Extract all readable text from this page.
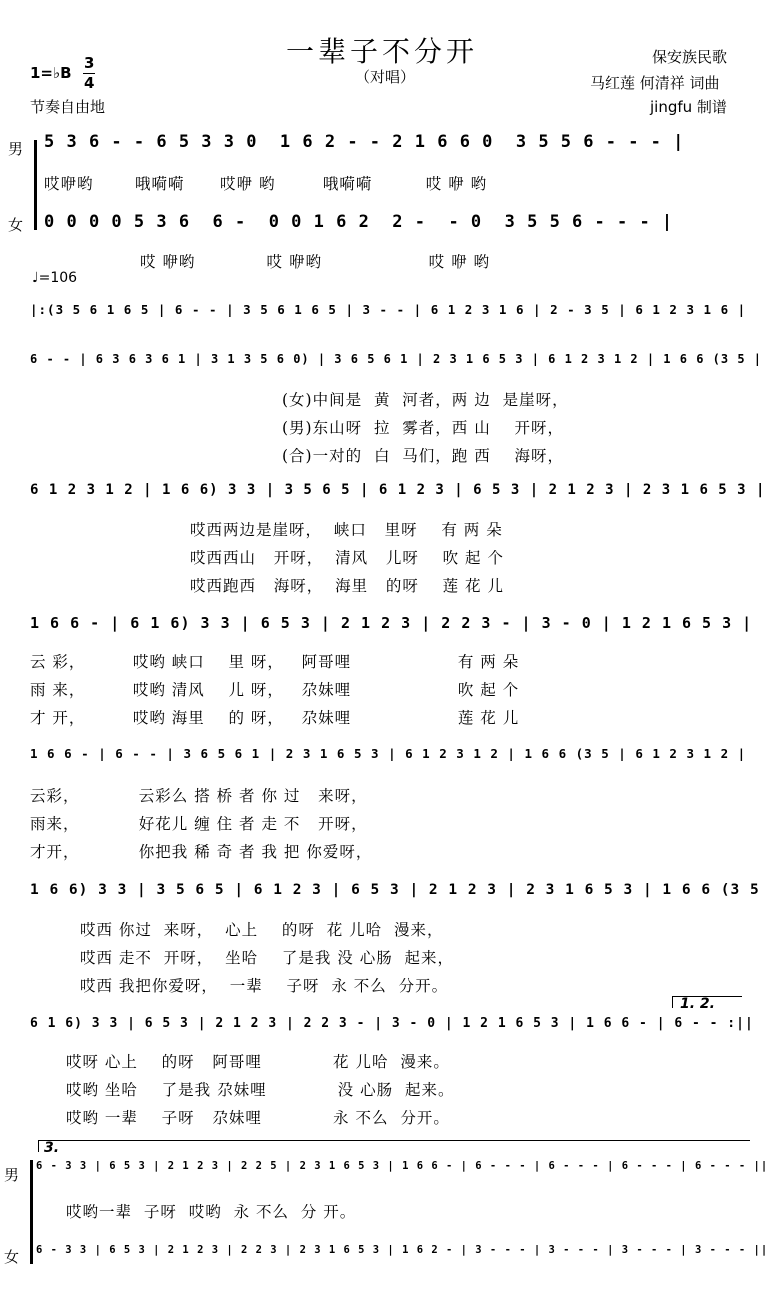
一辈子不分开
（对唱）
1=♭B
3
4
节奏自由地
保安族民歌
马红莲 何清祥 词曲
jingfu 制谱
男
女
5 3 6 - - 6 5 3 3 0  1 6 2 - - 2 1 6 6 0  3 5 5 6 - - - |
哎咿哟       哦嗬嗬      哎咿 哟        哦嗬嗬         哎 咿 哟
0 0 0 0 5 3 6  6 -  0 0 1 6 2  2 -  - 0  3 5 5 6 - - - |
哎 咿哟            哎 咿哟                  哎 咿 哟
♩=106
|:(3 5 6 1 6 5 | 6 - - | 3 5 6 1 6 5 | 3 - - | 6 1 2 3 1 6 | 2 - 3 5 | 6 1 2 3 1 6 |
6 - - | 6 3 6 3 6 1 | 3 1 3 5 6 0) | 3 6 5 6 1 | 2 3 1 6 5 3 | 6 1 2 3 1 2 | 1 6 6 (3 5 |
(女)中间是  黄  河者，两 边  是崖呀，
(男)东山呀  拉  雾者，西 山    开呀，
(合)一对的  白  马们，跑 西    海呀，
6 1 2 3 1 2 | 1 6 6) 3 3 | 3 5 6 5 | 6 1 2 3 | 6 5 3 | 2 1 2 3 | 2 3 1 6 5 3 |
哎西两边是崖呀，  峡口   里呀    有 两 朵
哎西西山   开呀，  清风   儿呀    吹 起 个
哎西跑西   海呀，  海里   的呀    莲 花 儿
1 6 6 - | 6 1 6) 3 3 | 6 5 3 | 2 1 2 3 | 2 2 3 - | 3 - 0 | 1 2 1 6 5 3 |
云 彩，        哎哟 峡口    里 呀，   阿哥哩                  有 两 朵
雨 来，        哎哟 清风    儿 呀，   尕妹哩                  吹 起 个
才 开，        哎哟 海里    的 呀，   尕妹哩                  莲 花 儿
1 6 6 - | 6 - - | 3 6 5 6 1 | 2 3 1 6 5 3 | 6 1 2 3 1 2 | 1 6 6 (3 5 | 6 1 2 3 1 2 |
云彩，          云彩么 搭 桥 者 你 过   来呀，
雨来，          好花儿 缠 住 者 走 不   开呀，
才开，          你把我 稀 奇 者 我 把 你爱呀，
1 6 6) 3 3 | 3 5 6 5 | 6 1 2 3 | 6 5 3 | 2 1 2 3 | 2 3 1 6 5 3 | 1 6 6 (3 5
哎西 你过  来呀，  心上    的呀  花 儿哈  漫来，
哎西 走不  开呀，  坐哈    了是我 没 心肠  起来，
哎西 我把你爱呀，  一辈    子呀  永 不么  分开。
1. 2.
6 1 6) 3 3 | 6 5 3 | 2 1 2 3 | 2 2 3 - | 3 - 0 | 1 2 1 6 5 3 | 1 6 6 - | 6 - - :||
哎呀 心上    的呀   阿哥哩            花 儿哈  漫来。
哎哟 坐哈    了是我 尕妹哩            没 心肠  起来。
哎哟 一辈    子呀   尕妹哩            永 不么  分开。
3.
男
女
6 - 3 3 | 6 5 3 | 2 1 2 3 | 2 2 5 | 2 3 1 6 5 3 | 1 6 6 - | 6 - - - | 6 - - - | 6 - - - | 6 - - - ||
哎哟一辈  子呀  哎哟  永 不么  分 开。
6 - 3 3 | 6 5 3 | 2 1 2 3 | 2 2 3 | 2 3 1 6 5 3 | 1 6 2 - | 3 - - - | 3 - - - | 3 - - - | 3 - - - ||
